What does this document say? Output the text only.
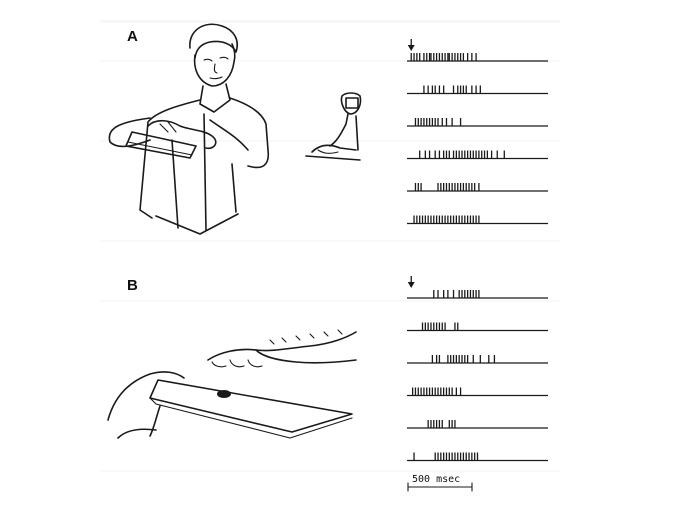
A
B
500 msec
